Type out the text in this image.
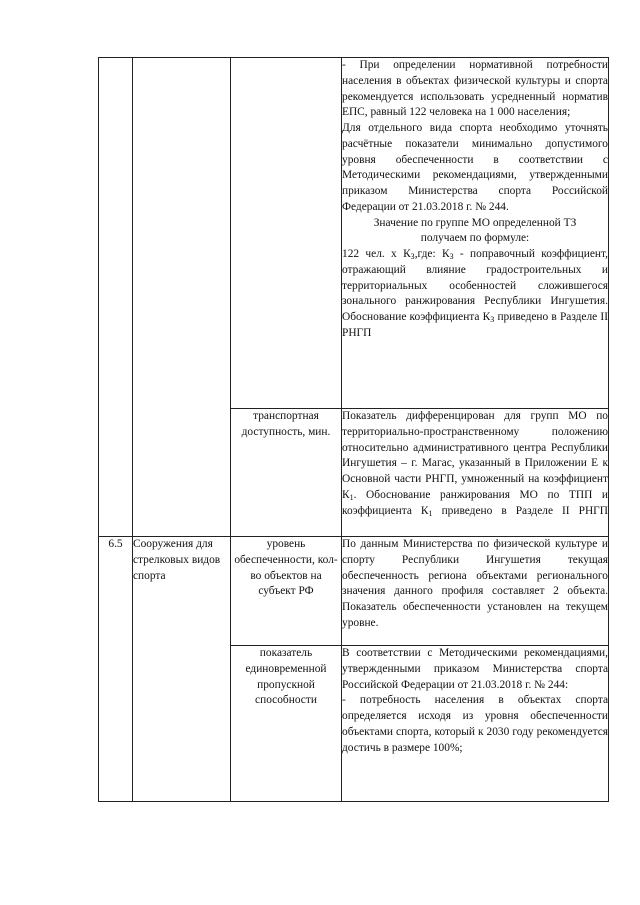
			- При определении нормативной потребности населения в объектах физической культуры и спорта рекомендуется использовать усредненный норматив ЕПС, равный 122 человека на 1 000 населения;

Для отдельного вида спорта необходимо уточнять расчётные показатели минимально допустимого уровня обеспеченности в соответствии с Методическими рекомендациями, утвержденными приказом Министерства спорта Российской Федерации от 21.03.2018 г. № 244.

Значение по группе МО определенной ТЗ

получаем по формуле:

122 чел. x $К_З,где$: $К_З$ - поправочный коэффициент, отражающий влияние градостроительных и территориальных особенностей сложившегося зонального ранжирования Республики Ингушетия. Обоснование коэффициента $К_З$ приведено в Разделе II РНГП

		транспортная доступность, мин.	Показатель дифференцирован для групп МО по территориально-пространственному положению относительно административного центра Республики Ингушетия – г. Магас, указанный в Приложении Е к Основной части РНГП, умноженный на коэффициент $К_1$. Обоснование ранжирования МО по ТПП и коэффициента $К_1$ приведено в Разделе II РНГП

6.5	Сооружения для стрелковых видов спорта	уровень обеспеченности, кол-во объектов на субъект РФ	По данным Министерства по физической культуре и спорту Республики Ингушетия текущая обеспеченность региона объектами регионального значения данного профиля составляет 2 объекта. Показатель обеспеченности установлен на текущем уровне.

		показатель единовременной пропускной способности	В соответствии с Методическими рекомендациями, утвержденными приказом Министерства спорта Российской Федерации от 21.03.2018 г. № 244:

- потребность населения в объектах спорта определяется исходя из уровня обеспеченности объектами спорта, который к 2030 году рекомендуется достичь в размере 100%;
